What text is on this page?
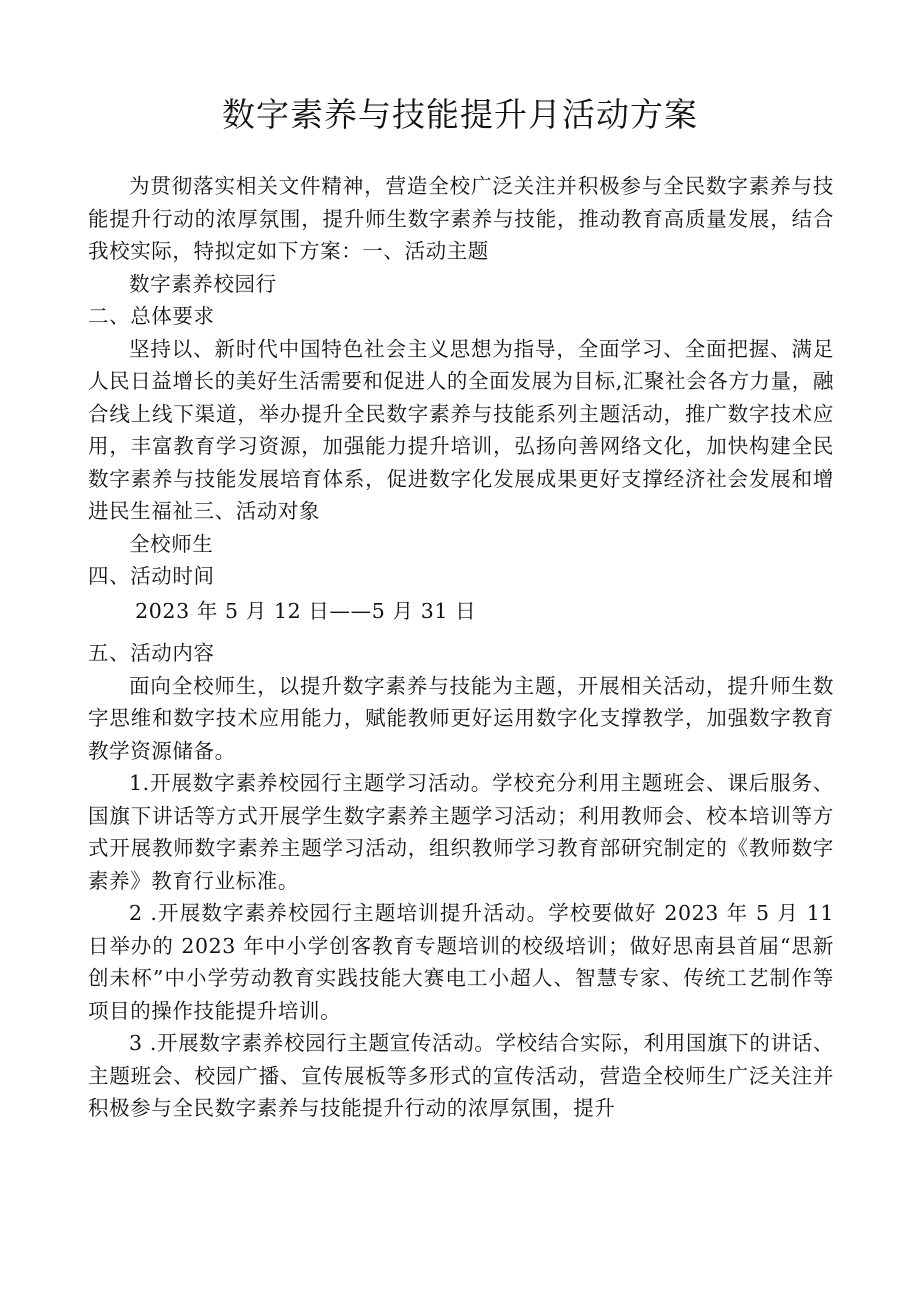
数字素养与技能提升月活动方案

为贯彻落实相关文件精神，营造全校广泛关注并积极参与全民数字素养与技能提升行动的浓厚氛围，提升师生数字素养与技能，推动教育高质量发展，结合我校实际，特拟定如下方案：一、活动主题

数字素养校园行

二、总体要求

坚持以、新时代中国特色社会主义思想为指导，全面学习、全面把握、满足人民日益增长的美好生活需要和促进人的全面发展为目标,汇聚社会各方力量，融合线上线下渠道，举办提升全民数字素养与技能系列主题活动，推广数字技术应用，丰富教育学习资源，加强能力提升培训，弘扬向善网络文化，加快构建全民数字素养与技能发展培育体系，促进数字化发展成果更好支撑经济社会发展和增进民生福祉三、活动对象

全校师生

四、活动时间

2023 年 5 月 12 日——5 月 31 日

五、活动内容

面向全校师生，以提升数字素养与技能为主题，开展相关活动，提升师生数字思维和数字技术应用能力，赋能教师更好运用数字化支撑教学，加强数字教育教学资源储备。

1.开展数字素养校园行主题学习活动。学校充分利用主题班会、课后服务、国旗下讲话等方式开展学生数字素养主题学习活动；利用教师会、校本培训等方式开展教师数字素养主题学习活动，组织教师学习教育部研究制定的《教师数字素养》教育行业标准。

2 .开展数字素养校园行主题培训提升活动。学校要做好 2023 年 5 月 11 日举办的 2023 年中小学创客教育专题培训的校级培训；做好思南县首届“思新创未杯”中小学劳动教育实践技能大赛电工小超人、智慧专家、传统工艺制作等项目的操作技能提升培训。

3 .开展数字素养校园行主题宣传活动。学校结合实际，利用国旗下的讲话、主题班会、校园广播、宣传展板等多形式的宣传活动，营造全校师生广泛关注并积极参与全民数字素养与技能提升行动的浓厚氛围，提升
